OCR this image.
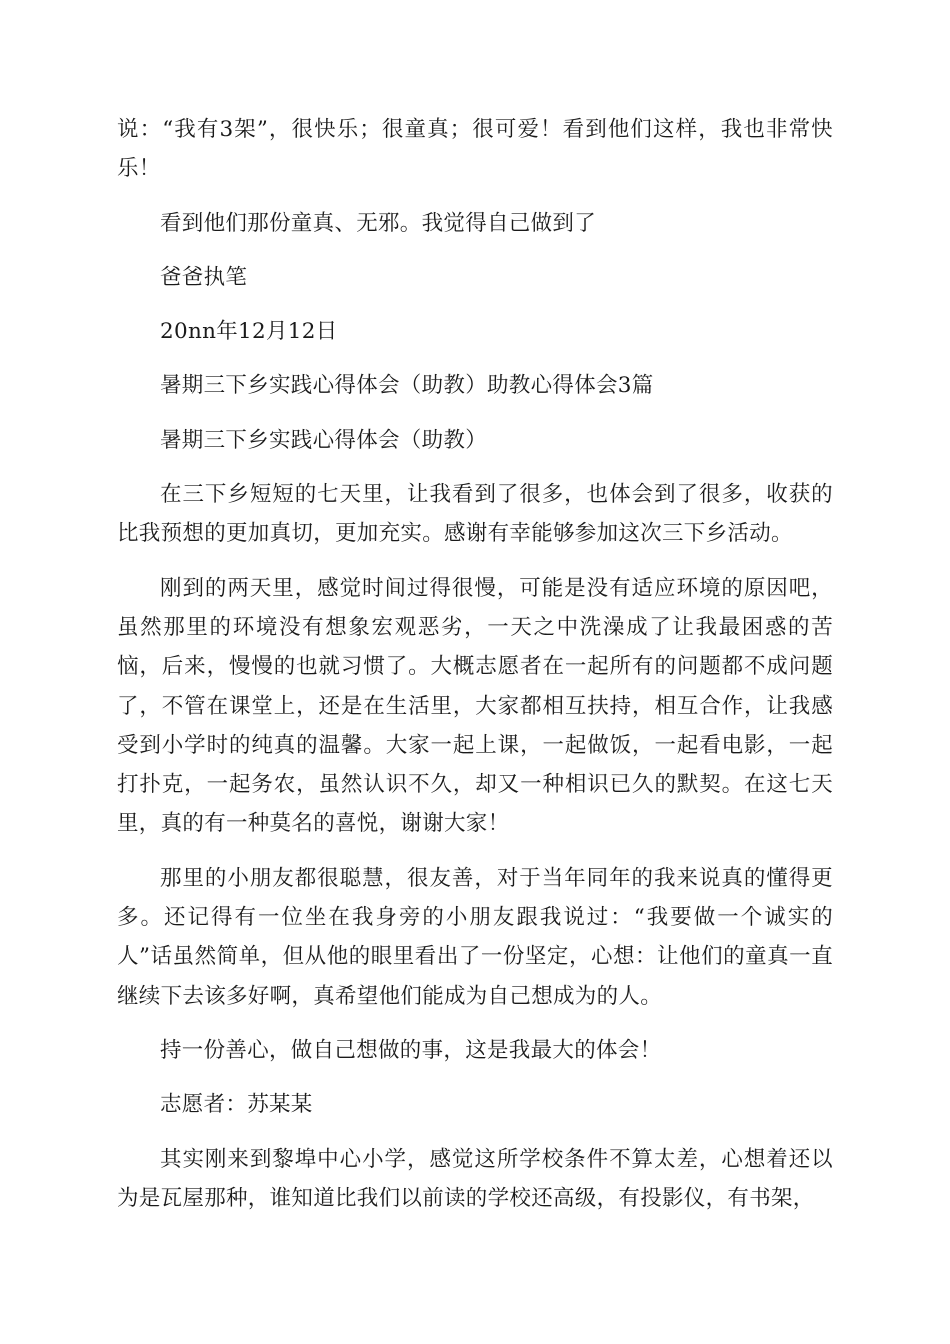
说：“我有3架”，很快乐；很童真；很可爱！看到他们这样，我也非常快乐！

看到他们那份童真、无邪。我觉得自己做到了

爸爸执笔

20nn年12月12日

暑期三下乡实践心得体会（助教）助教心得体会3篇

暑期三下乡实践心得体会（助教）

在三下乡短短的七天里，让我看到了很多，也体会到了很多，收获的比我预想的更加真切，更加充实。感谢有幸能够参加这次三下乡活动。

刚到的两天里，感觉时间过得很慢，可能是没有适应环境的原因吧，虽然那里的环境没有想象宏观恶劣，一天之中洗澡成了让我最困惑的苦恼，后来，慢慢的也就习惯了。大概志愿者在一起所有的问题都不成问题了，不管在课堂上，还是在生活里，大家都相互扶持，相互合作，让我感受到小学时的纯真的温馨。大家一起上课，一起做饭，一起看电影，一起打扑克，一起务农，虽然认识不久，却又一种相识已久的默契。在这七天里，真的有一种莫名的喜悦，谢谢大家！

那里的小朋友都很聪慧，很友善，对于当年同年的我来说真的懂得更多。还记得有一位坐在我身旁的小朋友跟我说过：“我要做一个诚实的人”话虽然简单，但从他的眼里看出了一份坚定，心想：让他们的童真一直继续下去该多好啊，真希望他们能成为自己想成为的人。

持一份善心，做自己想做的事，这是我最大的体会！

志愿者：苏某某

其实刚来到黎埠中心小学，感觉这所学校条件不算太差，心想着还以为是瓦屋那种，谁知道比我们以前读的学校还高级，有投影仪，有书架，
